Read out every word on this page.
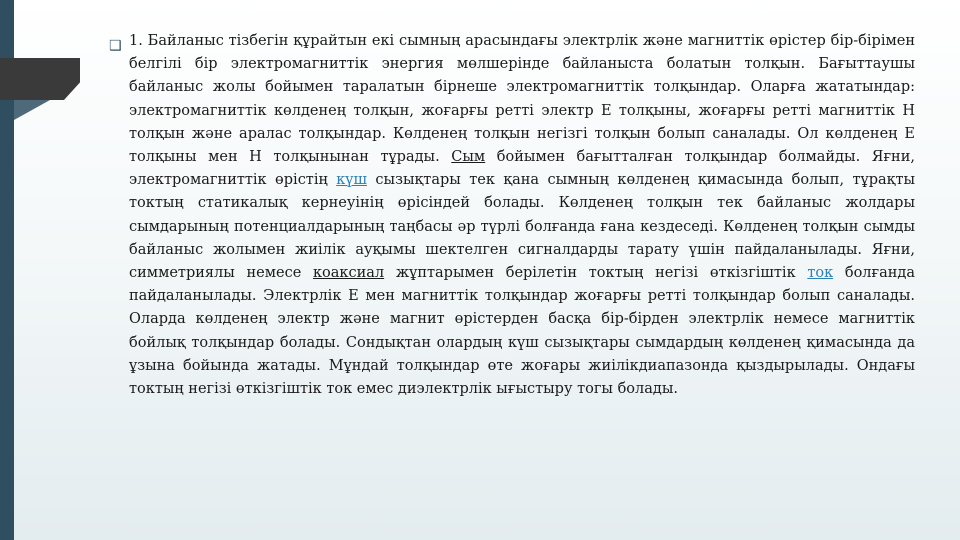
❑ 1. Байланыс тізбегін құрайтын екі сымның арасындағы электрлік және магниттік өрістер бір-бірімен белгілі бір электромагниттік энергия мөлшерінде байланыста болатын толқын. Бағыттаушы байланыс жолы бойымен таралатын бірнеше электромагниттік толқындар. Оларға жататындар: электромагниттік көлденең толқын, жоғарғы ретті электр Е толқыны, жоғарғы ретті магниттік Н толқын және аралас толқындар. Көлденең толқын негізгі толқын болып саналады. Ол көлденең Е толқыны мен Н толқынынан тұрады. Сым бойымен бағытталған толқындар болмайды. Яғни, электромагниттік өрістің күш сызықтары тек қана сымның көлденең қимасында болып, тұрақты токтың статикалық кернеуінің өрісіндей болады. Көлденең толқын тек байланыс жолдары сымдарының потенциалдарының таңбасы әр түрлі болғанда ғана кездеседі. Көлденең толқын сымды байланыс жолымен жиілік ауқымы шектелген сигналдарды тарату үшін пайдаланылады. Яғни, симметриялы немесе коаксиал жұптарымен берілетін токтың негізі өткізгіштік ток болғанда пайдаланылады. Электрлік Е мен магниттік толқындар жоғарғы ретті толқындар болып саналады. Оларда көлденең электр және магнит өрістерден басқа бір-бірден электрлік немесе магниттік бойлық толқындар болады. Сондықтан олардың күш сызықтары сымдардың көлденең қимасында да ұзына бойында жатады. Мұндай толқындар өте жоғары жиілікдиапазонда қыздырылады. Ондағы токтың негізі өткізгіштік ток емес диэлектрлік ығыстыру тогы болады.
